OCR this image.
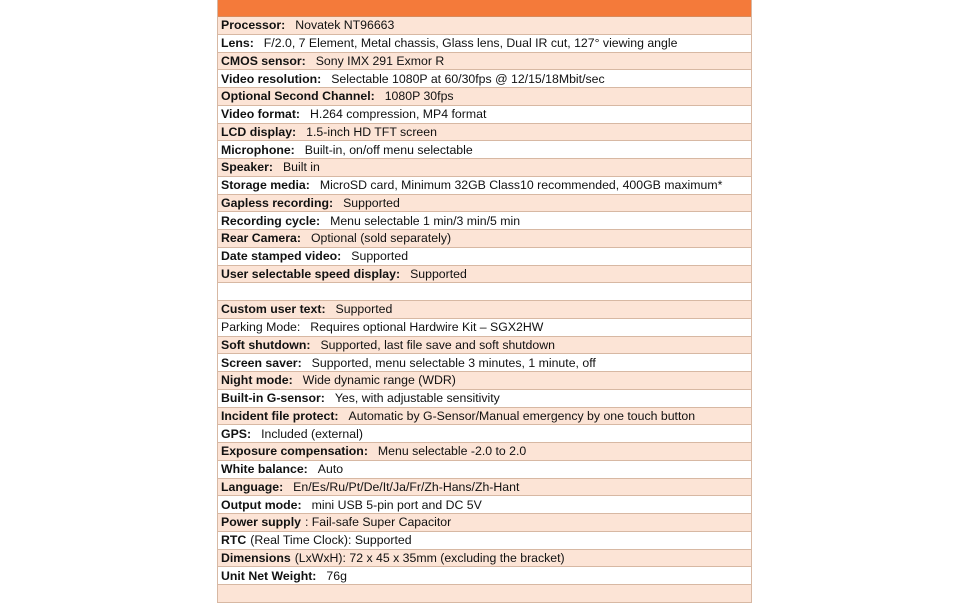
Processor: Novatek NT96663
Lens: F/2.0, 7 Element, Metal chassis, Glass lens, Dual IR cut, 127° viewing angle
CMOS sensor: Sony IMX 291 Exmor R
Video resolution: Selectable 1080P at 60/30fps @ 12/15/18Mbit/sec
Optional Second Channel: 1080P 30fps
Video format: H.264 compression, MP4 format
LCD display: 1.5-inch HD TFT screen
Microphone: Built-in, on/off menu selectable
Speaker: Built in
Storage media: MicroSD card, Minimum 32GB Class10 recommended, 400GB maximum*
Gapless recording: Supported
Recording cycle: Menu selectable 1 min/3 min/5 min
Rear Camera: Optional (sold separately)
Date stamped video: Supported
User selectable speed display: Supported
Custom user text: Supported
Parking Mode: Requires optional Hardwire Kit – SGX2HW
Soft shutdown: Supported, last file save and soft shutdown
Screen saver: Supported, menu selectable 3 minutes, 1 minute, off
Night mode: Wide dynamic range (WDR)
Built-in G-sensor: Yes, with adjustable sensitivity
Incident file protect: Automatic by G-Sensor/Manual emergency by one touch button
GPS: Included (external)
Exposure compensation: Menu selectable -2.0 to 2.0
White balance: Auto
Language: En/Es/Ru/Pt/De/It/Ja/Fr/Zh-Hans/Zh-Hant
Output mode: mini USB 5-pin port and DC 5V
Power supply : Fail-safe Super Capacitor
RTC (Real Time Clock): Supported
Dimensions (LxWxH): 72 x 45 x 35mm (excluding the bracket)
Unit Net Weight: 76g
